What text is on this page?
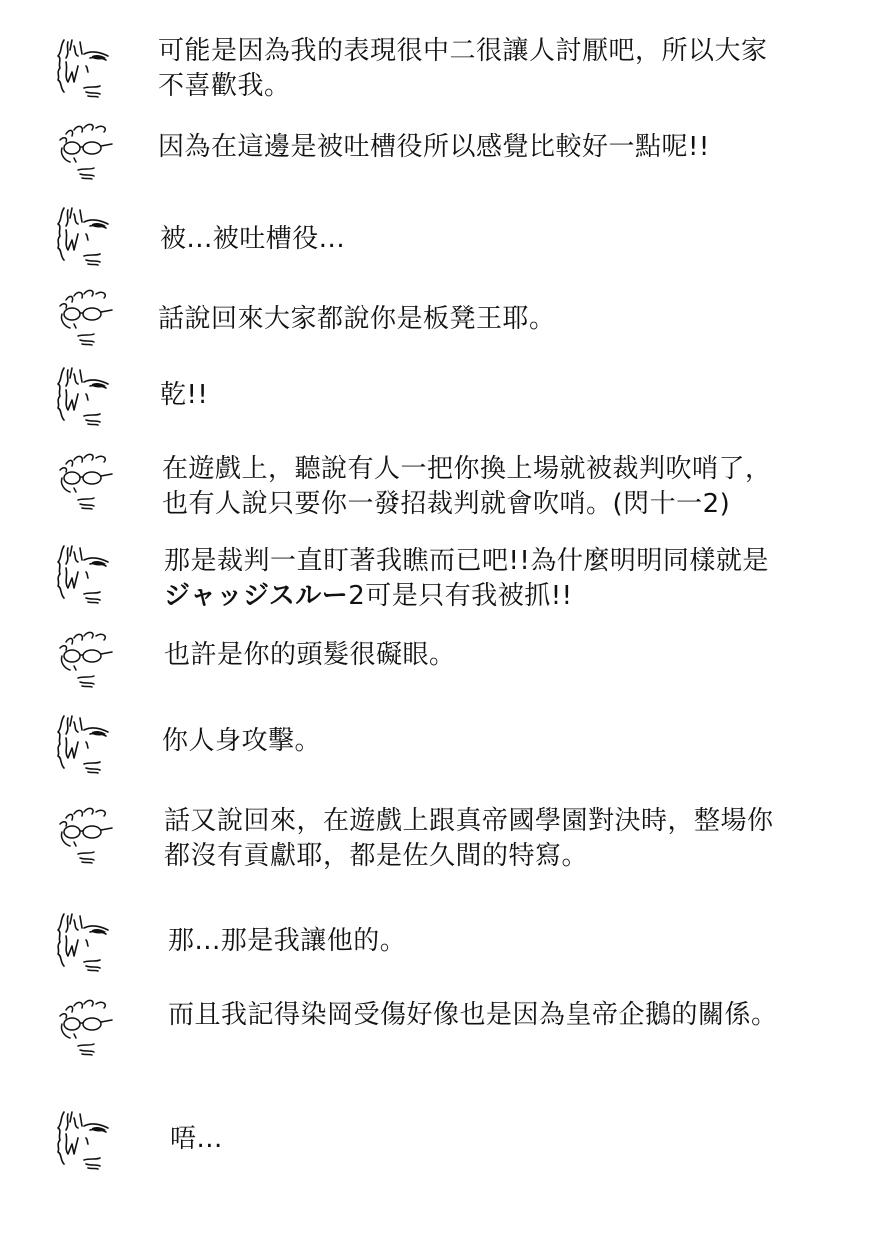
可能是因為我的表現很中二很讓人討厭吧，所以大家
不喜歡我。
因為在這邊是被吐槽役所以感覺比較好一點呢!!
被...被吐槽役...
話說回來大家都說你是板凳王耶。
乾!!
在遊戲上，聽說有人一把你換上場就被裁判吹哨了，
也有人說只要你一發招裁判就會吹哨。(閃十一2)
那是裁判一直盯著我瞧而已吧!!為什麼明明同樣就是
ジャッジスルー2可是只有我被抓!!
也許是你的頭髮很礙眼。
你人身攻擊。
話又說回來，在遊戲上跟真帝國學園對決時，整場你
都沒有貢獻耶，都是佐久間的特寫。
那...那是我讓他的。
而且我記得染岡受傷好像也是因為皇帝企鵝的關係。
唔...
